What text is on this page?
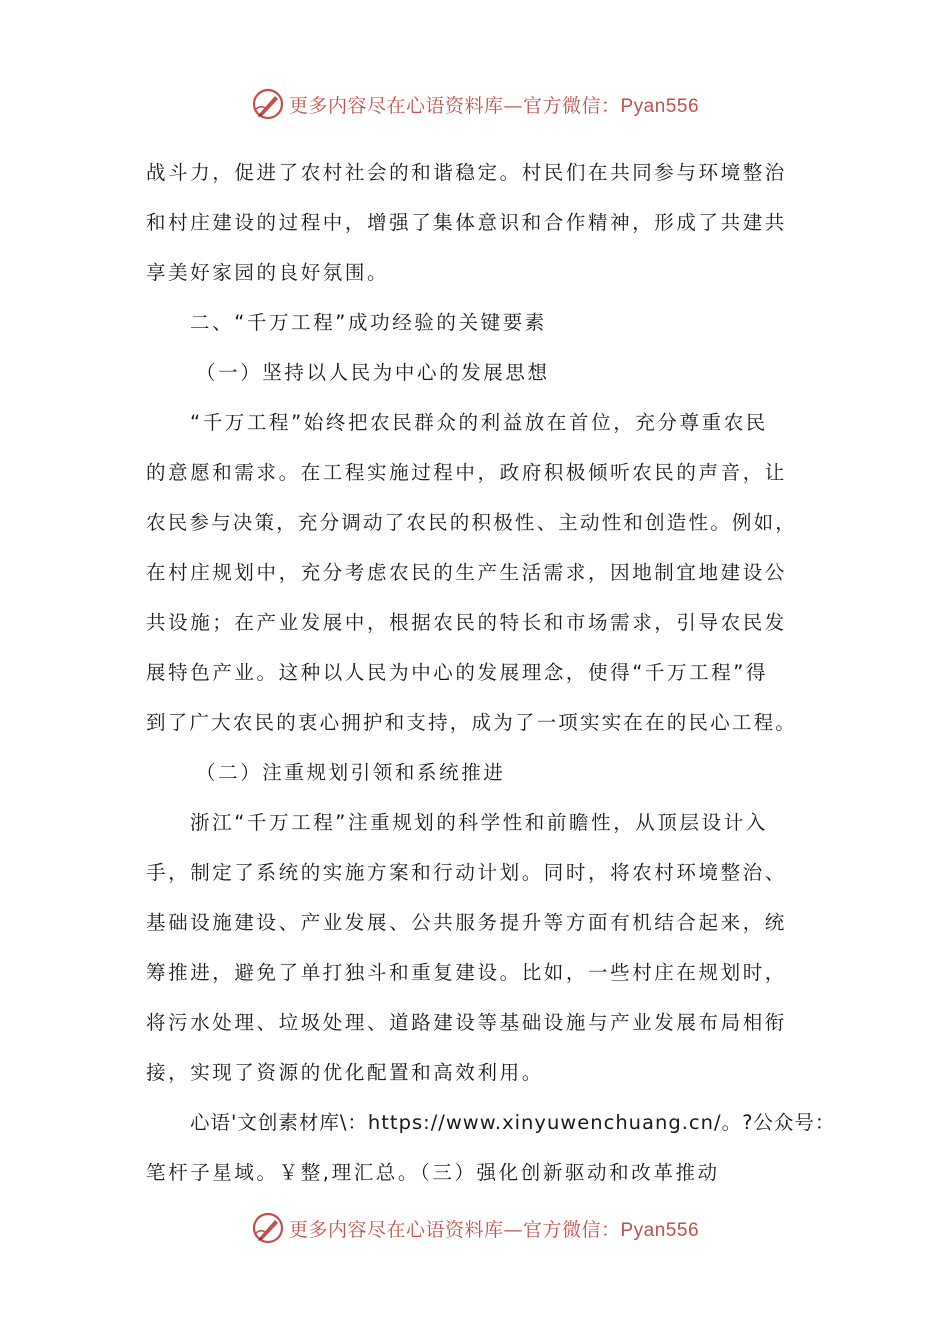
更多内容尽在心语资料库—官方微信：Pyan556
战斗力，促进了农村社会的和谐稳定。村民们在共同参与环境整治
和村庄建设的过程中，增强了集体意识和合作精神，形成了共建共
享美好家园的良好氛围。
二、“千万工程”成功经验的关键要素
（一）坚持以人民为中心的发展思想
“千万工程”始终把农民群众的利益放在首位，充分尊重农民
的意愿和需求。在工程实施过程中，政府积极倾听农民的声音，让
农民参与决策，充分调动了农民的积极性、主动性和创造性。例如，
在村庄规划中，充分考虑农民的生产生活需求，因地制宜地建设公
共设施；在产业发展中，根据农民的特长和市场需求，引导农民发
展特色产业。这种以人民为中心的发展理念，使得“千万工程”得
到了广大农民的衷心拥护和支持，成为了一项实实在在的民心工程。
（二）注重规划引领和系统推进
浙江“千万工程”注重规划的科学性和前瞻性，从顶层设计入
手，制定了系统的实施方案和行动计划。同时，将农村环境整治、
基础设施建设、产业发展、公共服务提升等方面有机结合起来，统
筹推进，避免了单打独斗和重复建设。比如，一些村庄在规划时，
将污水处理、垃圾处理、道路建设等基础设施与产业发展布局相衔
接，实现了资源的优化配置和高效利用。
心语'文创素材库\：https://www.xinyuwenchuang.cn/。?公众号：
笔杆子星域。￥整,理汇总。（三）强化创新驱动和改革推动
更多内容尽在心语资料库—官方微信：Pyan556
